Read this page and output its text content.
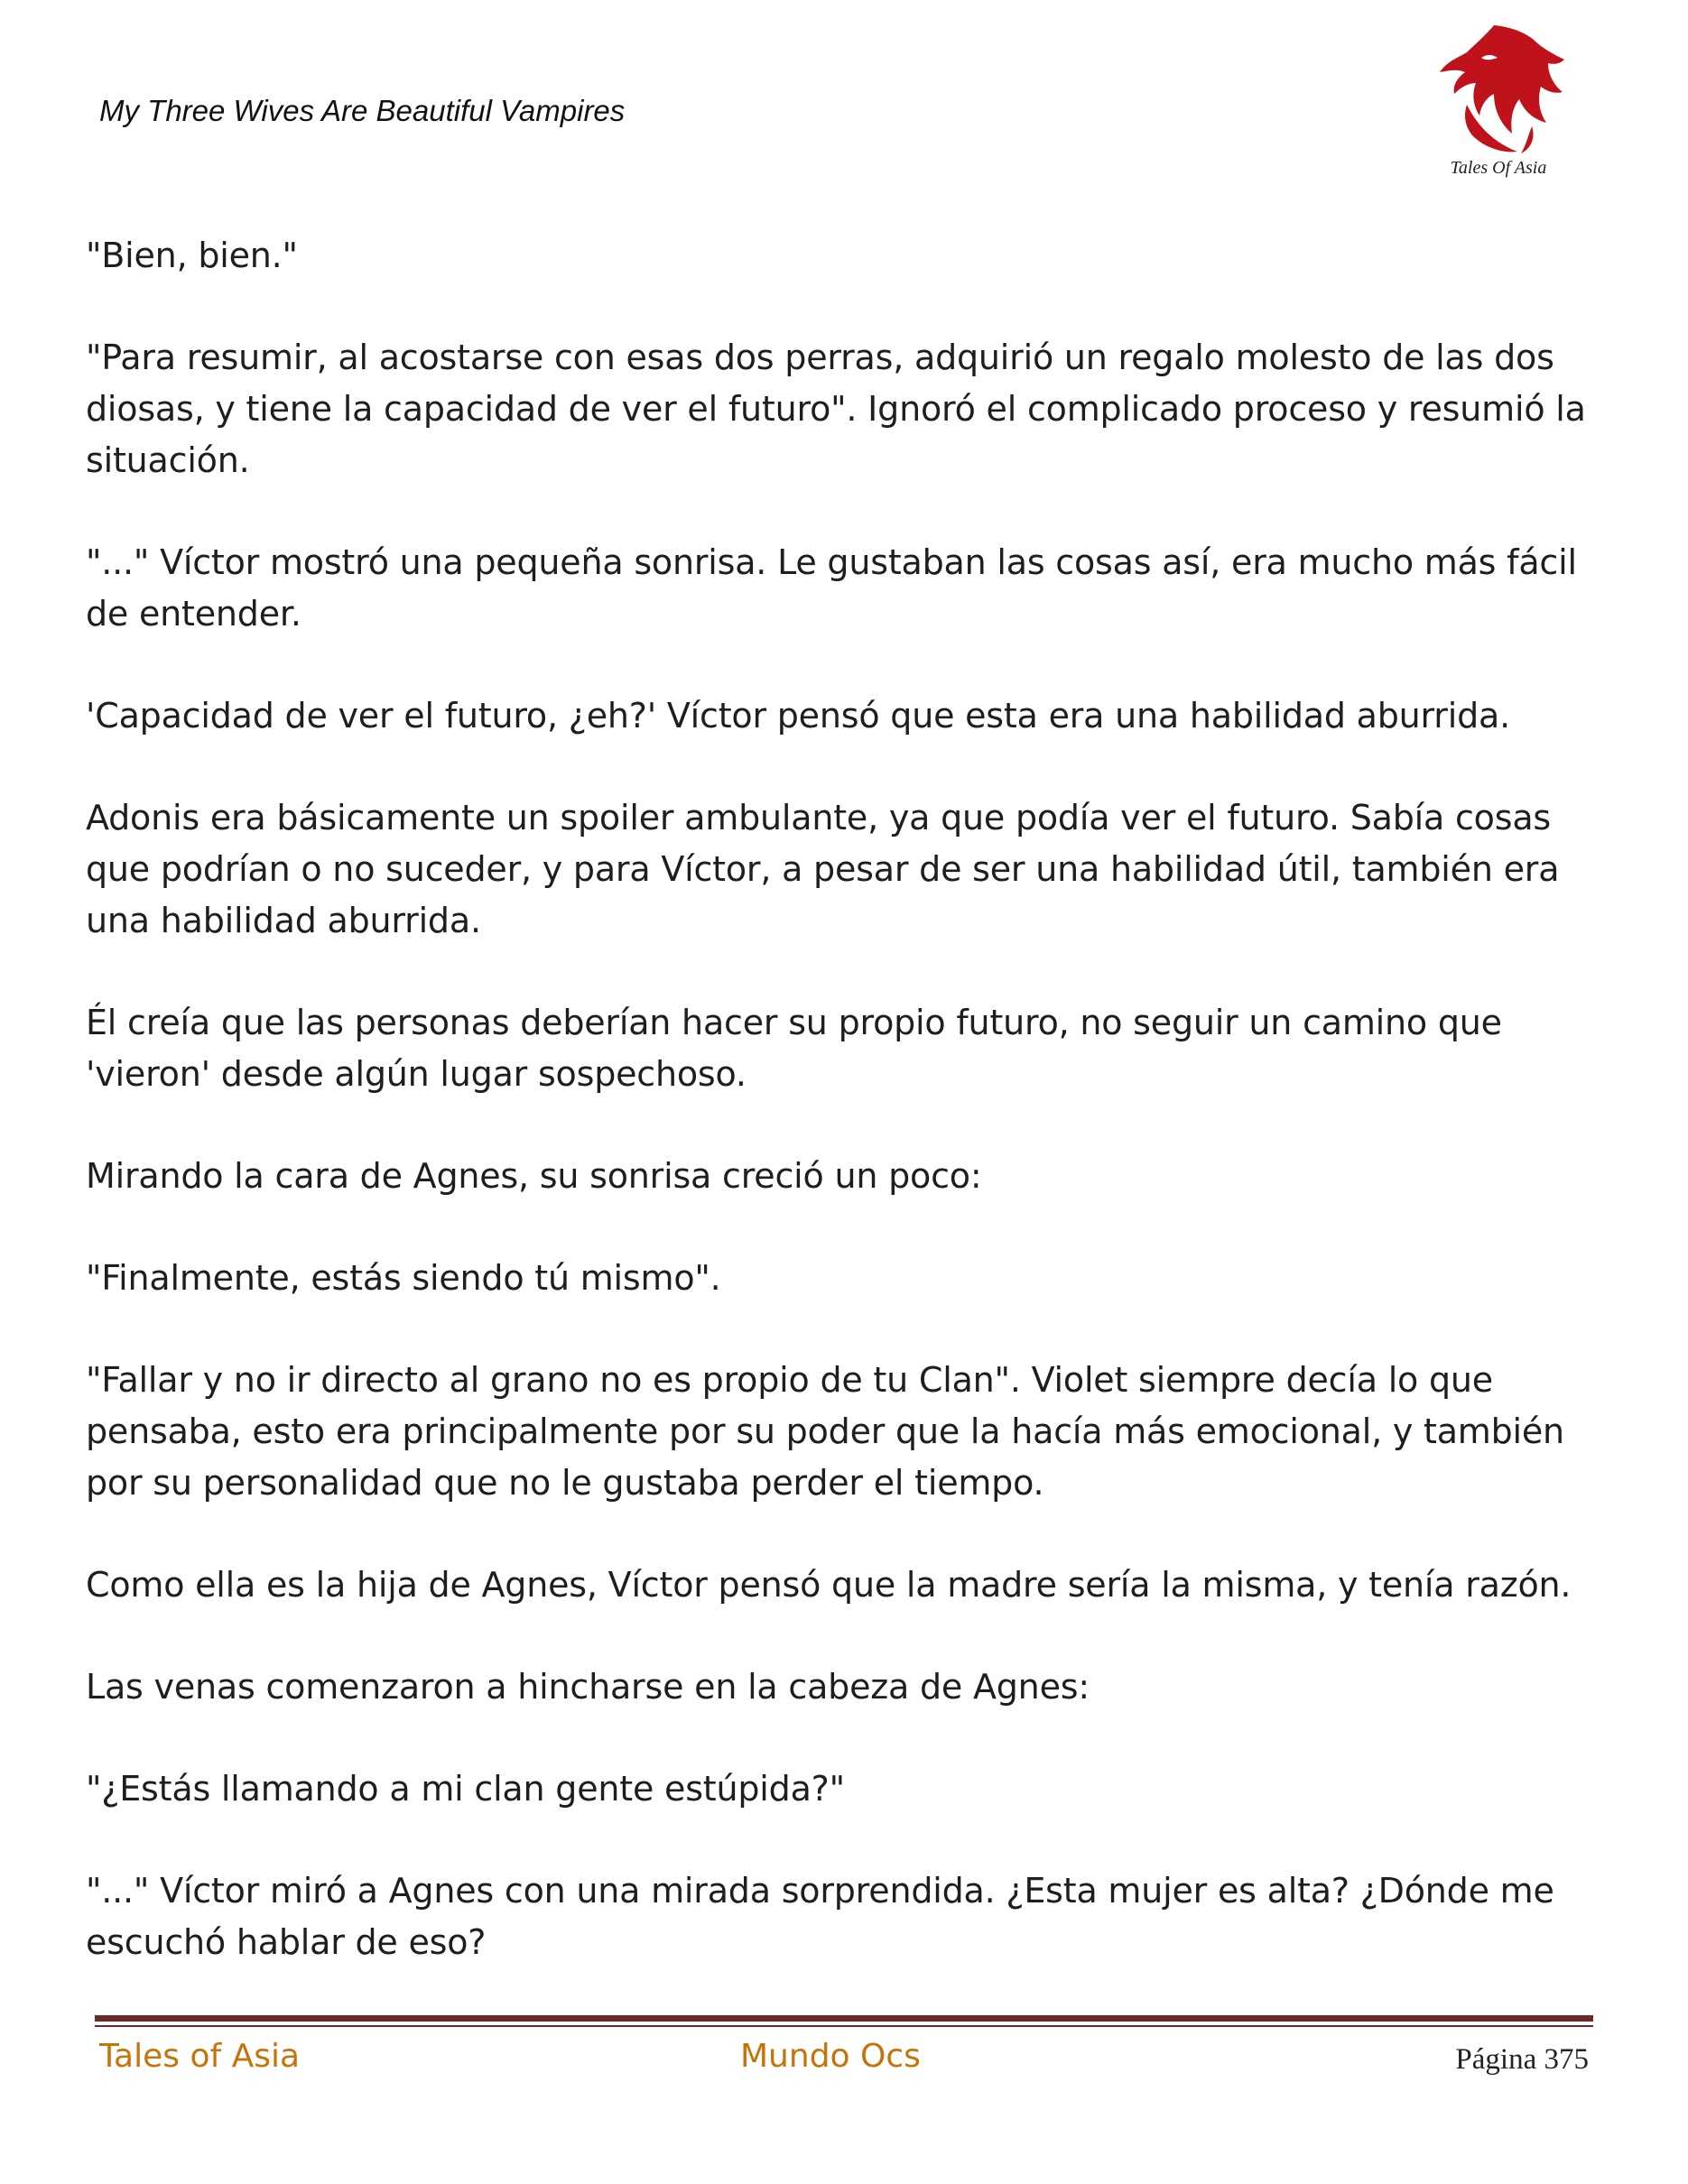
My Three Wives Are Beautiful Vampires
Tales Of Asia

"Bien, bien."

"Para resumir, al acostarse con esas dos perras, adquirió un regalo molesto de las dos diosas, y tiene la capacidad de ver el futuro". Ignoró el complicado proceso y resumió la situación.

"..." Víctor mostró una pequeña sonrisa. Le gustaban las cosas así, era mucho más fácil de entender.

'Capacidad de ver el futuro, ¿eh?' Víctor pensó que esta era una habilidad aburrida.

Adonis era básicamente un spoiler ambulante, ya que podía ver el futuro. Sabía cosas que podrían o no suceder, y para Víctor, a pesar de ser una habilidad útil, también era una habilidad aburrida.

Él creía que las personas deberían hacer su propio futuro, no seguir un camino que 'vieron' desde algún lugar sospechoso.

Mirando la cara de Agnes, su sonrisa creció un poco:

"Finalmente, estás siendo tú mismo".

"Fallar y no ir directo al grano no es propio de tu Clan". Violet siempre decía lo que pensaba, esto era principalmente por su poder que la hacía más emocional, y también por su personalidad que no le gustaba perder el tiempo.

Como ella es la hija de Agnes, Víctor pensó que la madre sería la misma, y tenía razón.

Las venas comenzaron a hincharse en la cabeza de Agnes:

"¿Estás llamando a mi clan gente estúpida?"

"..." Víctor miró a Agnes con una mirada sorprendida. ¿Esta mujer es alta? ¿Dónde me escuchó hablar de eso?

Tales of Asia	Mundo Ocs	Página 375
